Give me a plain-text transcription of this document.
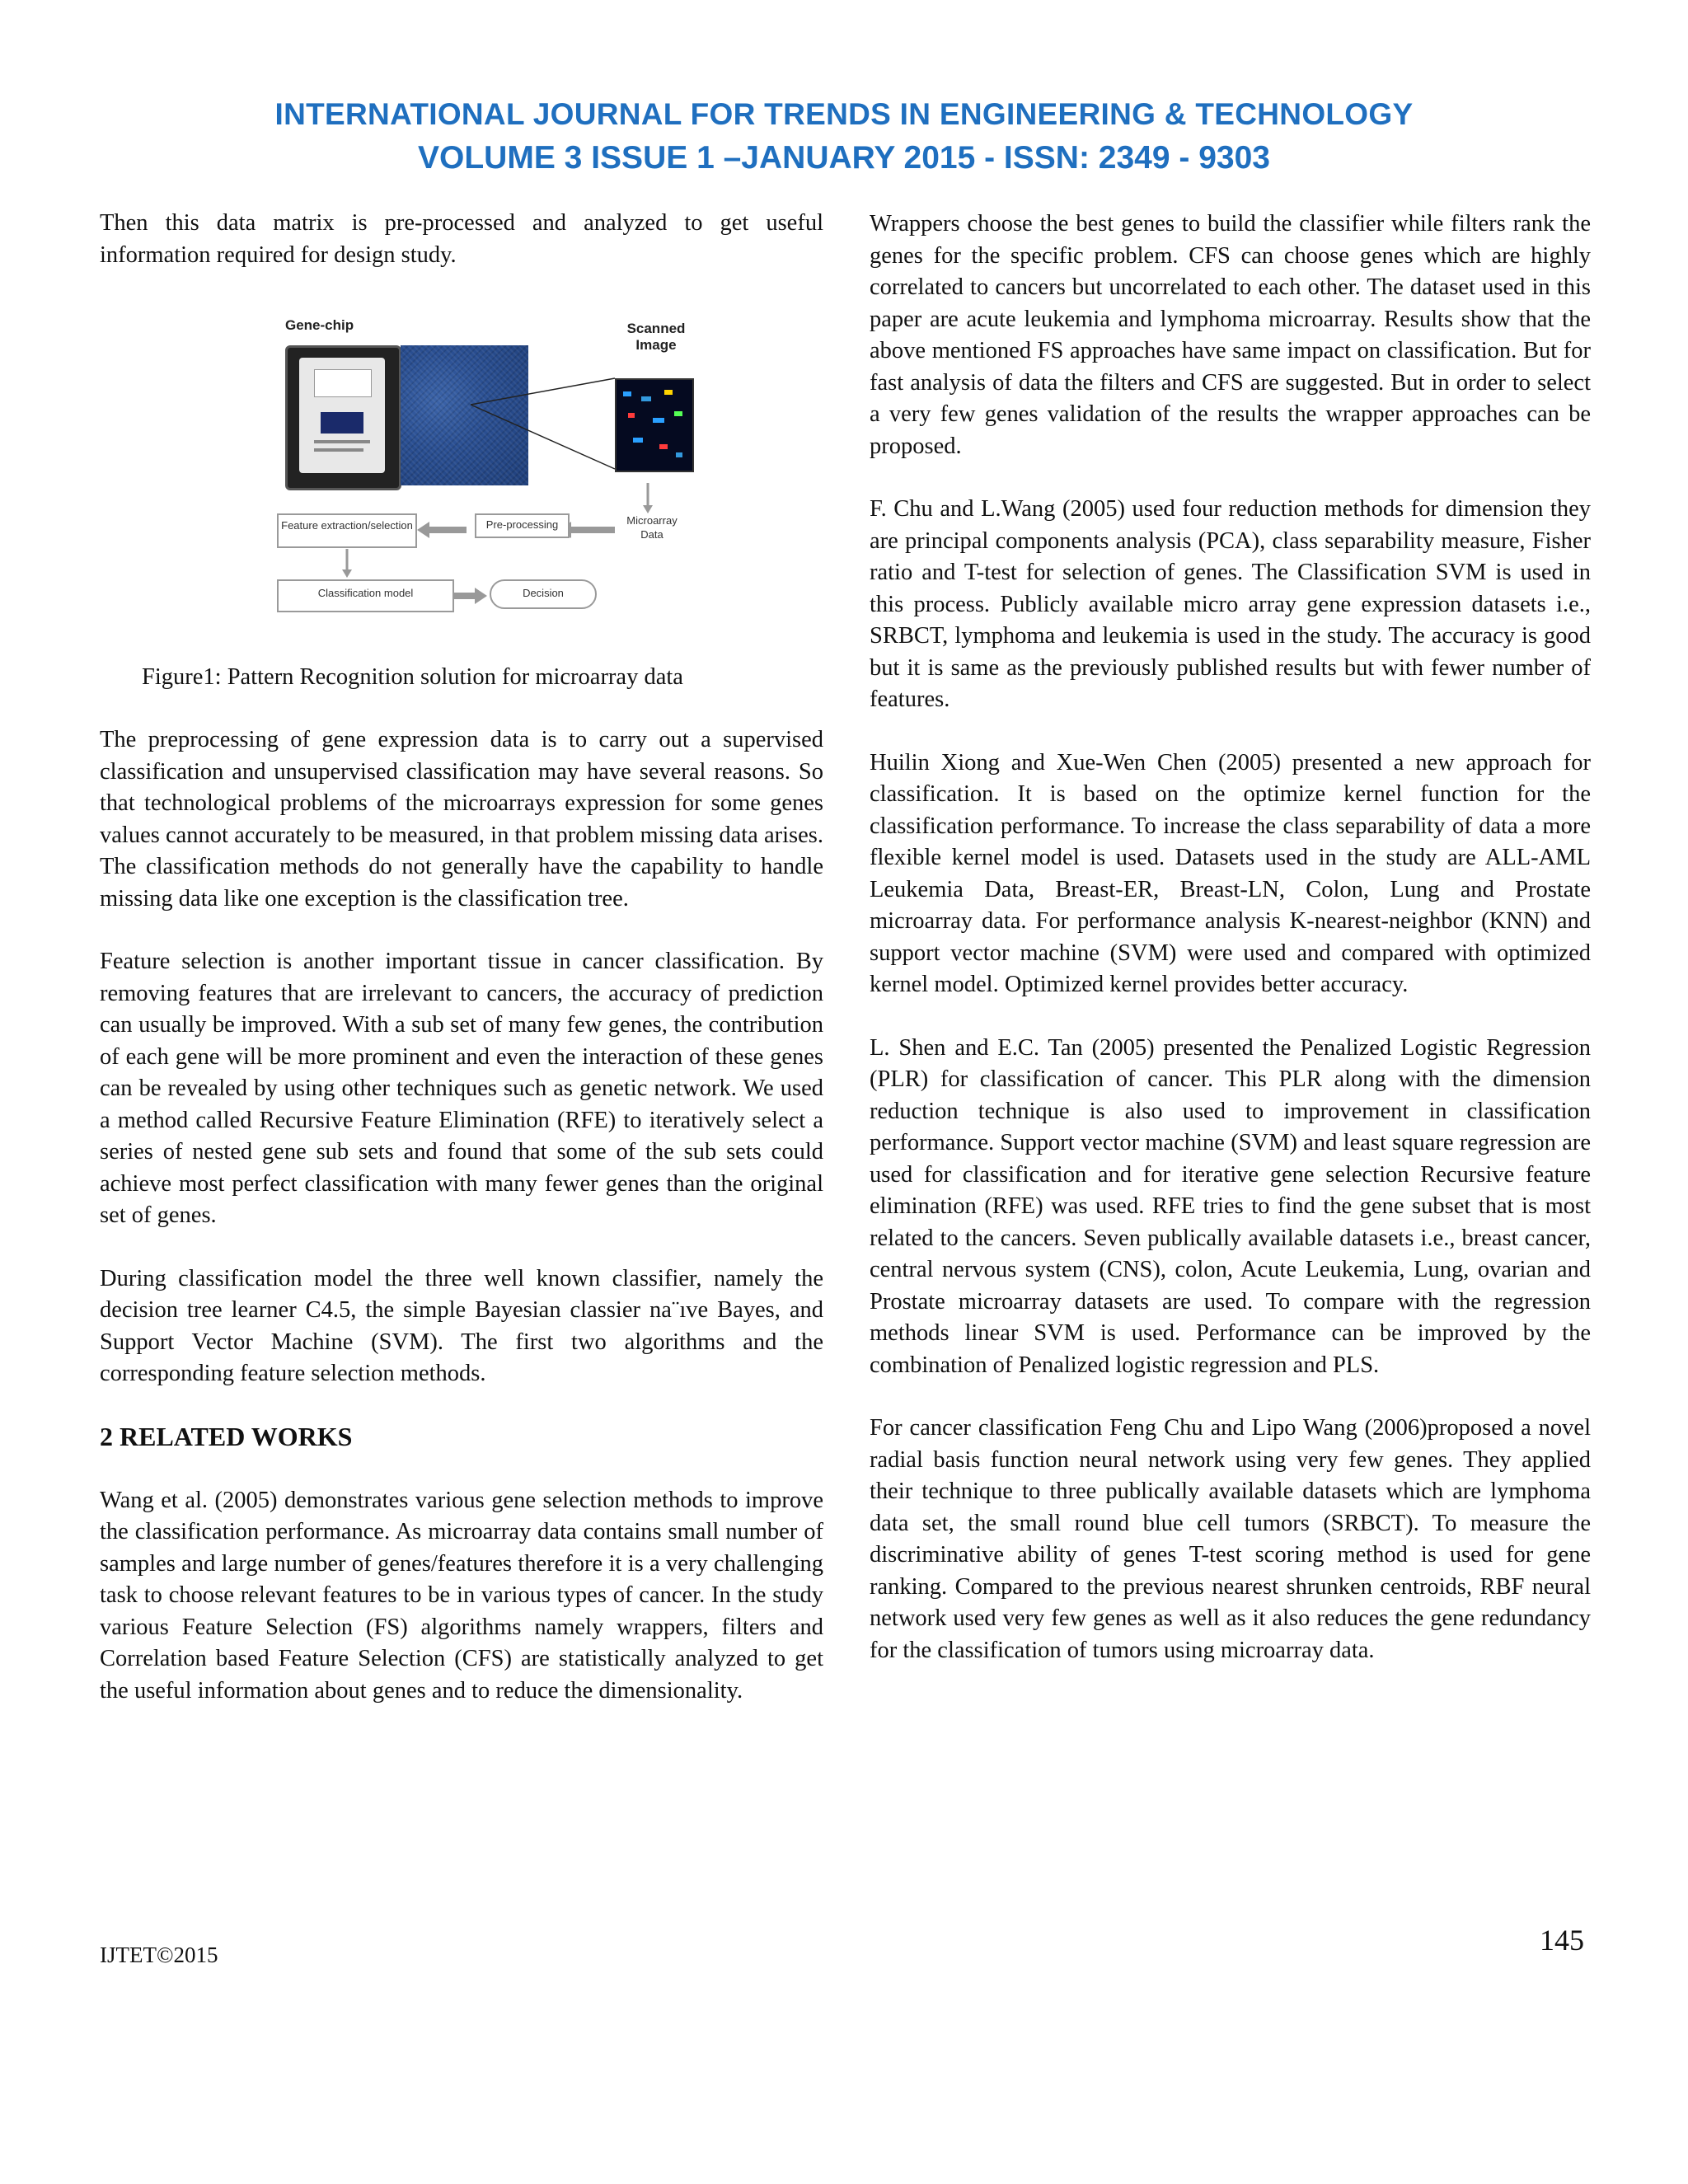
INTERNATIONAL JOURNAL FOR TRENDS IN ENGINEERING & TECHNOLOGY
VOLUME 3 ISSUE 1 –JANUARY 2015 - ISSN: 2349 - 9303

Then this data matrix is pre-processed and analyzed to get useful information required for design study.

Gene-chip	Scanned Image
Feature extraction/selection	Pre-processing	Microarray Data
Classification model	Decision
Figure1: Pattern Recognition solution for microarray data

The preprocessing of gene expression data is to carry out a supervised classification and unsupervised classification may have several reasons. So that technological problems of the microarrays expression for some genes values cannot accurately to be measured, in that problem missing data arises. The classification methods do not generally have the capability to handle missing data like one exception is the classification tree.

Feature selection is another important tissue in cancer classification. By removing features that are irrelevant to cancers, the accuracy of prediction can usually be improved. With a sub set of many few genes, the contribution of each gene will be more prominent and even the interaction of these genes can be revealed by using other techniques such as genetic network. We used a method called Recursive Feature Elimination (RFE) to iteratively select a series of nested gene sub sets and found that some of the sub sets could achieve most perfect classification with many fewer genes than the original set of genes.

During classification model the three well known classifier, namely the decision tree learner C4.5, the simple Bayesian classier na¨ıve Bayes, and Support Vector Machine (SVM). The first two algorithms and the corresponding feature selection methods.

2 RELATED WORKS

Wang et al. (2005) demonstrates various gene selection methods to improve the classification performance. As microarray data contains small number of samples and large number of genes/features therefore it is a very challenging task to choose relevant features to be in various types of cancer. In the study various Feature Selection (FS) algorithms namely wrappers, filters and Correlation based Feature Selection (CFS) are statistically analyzed to get the useful information about genes and to reduce the dimensionality.

Wrappers choose the best genes to build the classifier while filters rank the genes for the specific problem. CFS can choose genes which are highly correlated to cancers but uncorrelated to each other. The dataset used in this paper are acute leukemia and lymphoma microarray. Results show that the above mentioned FS approaches have same impact on classification. But for fast analysis of data the filters and CFS are suggested. But in order to select a very few genes validation of the results the wrapper approaches can be proposed.

F. Chu and L.Wang (2005) used four reduction methods for dimension they are principal components analysis (PCA), class separability measure, Fisher ratio and T-test for selection of genes. The Classification SVM is used in this process. Publicly available micro array gene expression datasets i.e., SRBCT, lymphoma and leukemia is used in the study. The accuracy is good but it is same as the previously published results but with fewer number of features.

Huilin Xiong and Xue-Wen Chen (2005) presented a new approach for classification. It is based on the optimize kernel function for the classification performance. To increase the class separability of data a more flexible kernel model is used. Datasets used in the study are ALL-AML Leukemia Data, Breast-ER, Breast-LN, Colon, Lung and Prostate microarray data. For performance analysis K-nearest-neighbor (KNN) and support vector machine (SVM) were used and compared with optimized kernel model. Optimized kernel provides better accuracy.

L. Shen and E.C. Tan (2005) presented the Penalized Logistic Regression (PLR) for classification of cancer. This PLR along with the dimension reduction technique is also used to improvement in classification performance. Support vector machine (SVM) and least square regression are used for classification and for iterative gene selection Recursive feature elimination (RFE) was used. RFE tries to find the gene subset that is most related to the cancers. Seven publically available datasets i.e., breast cancer, central nervous system (CNS), colon, Acute Leukemia, Lung, ovarian and Prostate microarray datasets are used. To compare with the regression methods linear SVM is used. Performance can be improved by the combination of Penalized logistic regression and PLS.

For cancer classification Feng Chu and Lipo Wang (2006)proposed a novel radial basis function neural network using very few genes. They applied their technique to three publically available datasets which are lymphoma data set, the small round blue cell tumors (SRBCT). To measure the discriminative ability of genes T-test scoring method is used for gene ranking. Compared to the previous nearest shrunken centroids, RBF neural network used very few genes as well as it also reduces the gene redundancy for the classification of tumors using microarray data.

IJTET©2015	145
